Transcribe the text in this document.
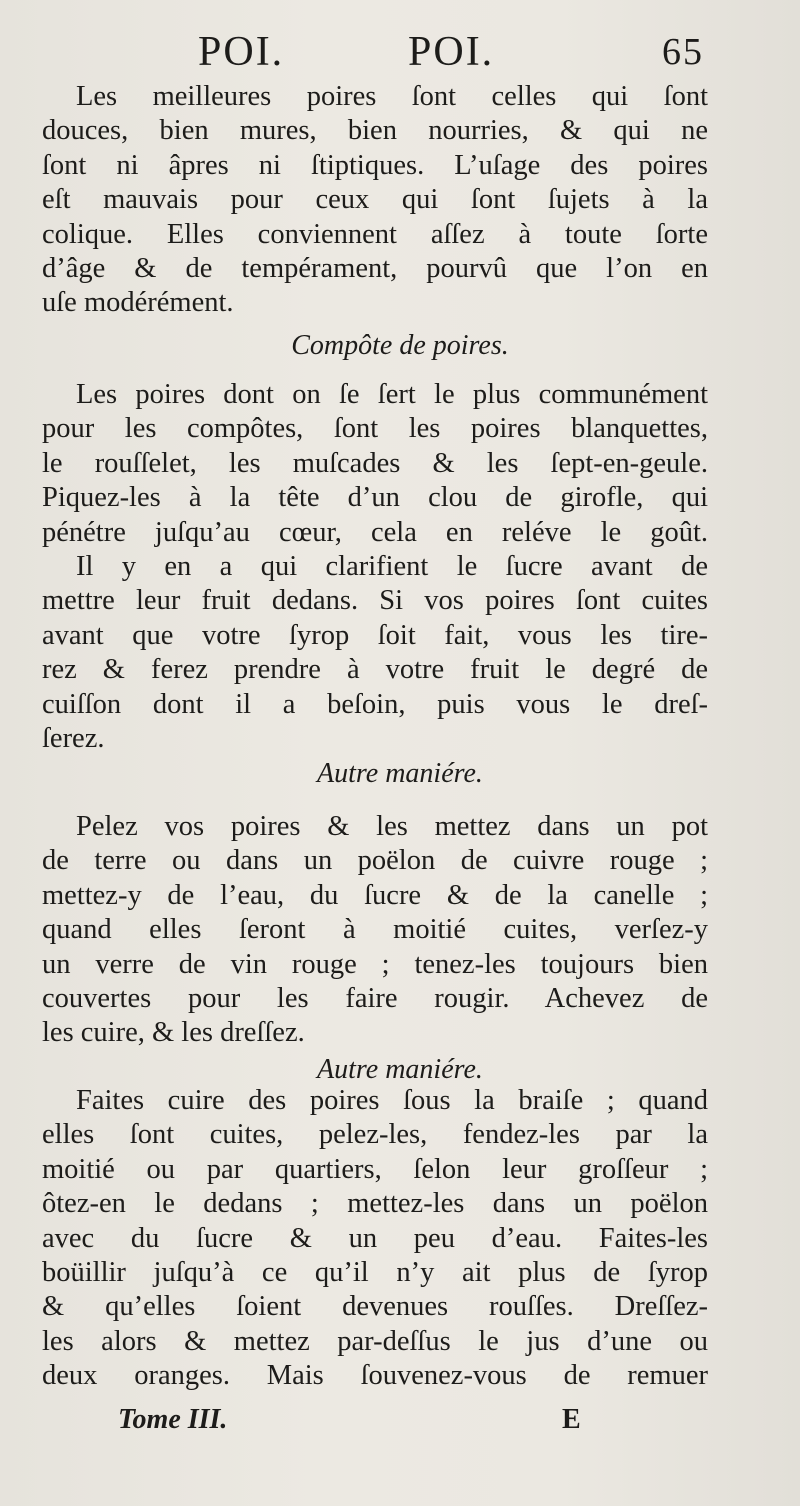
POI.	POI.	65
Les meilleures poires ſont celles qui ſont
douces, bien mures, bien nourries, & qui ne
ſont ni âpres ni ſtiptiques. L’uſage des poires
eſt mauvais pour ceux qui ſont ſujets à la
colique. Elles conviennent aſſez à toute ſorte
d’âge & de tempérament, pourvû que l’on en
uſe modérément.
Compôte de poires.
Les poires dont on ſe ſert le plus communément
pour les compôtes, ſont les poires blanquettes,
le rouſſelet, les muſcades & les ſept-en-geule.
Piquez-les à la tête d’un clou de girofle, qui
pénétre juſqu’au cœur, cela en reléve le goût.
Il y en a qui clarifient le ſucre avant de
mettre leur fruit dedans. Si vos poires ſont cuites
avant que votre ſyrop ſoit fait, vous les tire-
rez & ferez prendre à votre fruit le degré de
cuiſſon dont il a beſoin, puis vous le dreſ-
ſerez.
Autre maniére.
Pelez vos poires & les mettez dans un pot
de terre ou dans un poëlon de cuivre rouge ;
mettez-y de l’eau, du ſucre & de la canelle ;
quand elles ſeront à moitié cuites, verſez-y
un verre de vin rouge ; tenez-les toujours bien
couvertes pour les faire rougir. Achevez de
les cuire, & les dreſſez.
Autre maniére.
Faites cuire des poires ſous la braiſe ; quand
elles ſont cuites, pelez-les, fendez-les par la
moitié ou par quartiers, ſelon leur groſſeur ;
ôtez-en le dedans ; mettez-les dans un poëlon
avec du ſucre & un peu d’eau. Faites-les
boüillir juſqu’à ce qu’il n’y ait plus de ſyrop
& qu’elles ſoient devenues rouſſes. Dreſſez-
les alors & mettez par-deſſus le jus d’une ou
deux oranges. Mais ſouvenez-vous de remuer
Tome III.	E
